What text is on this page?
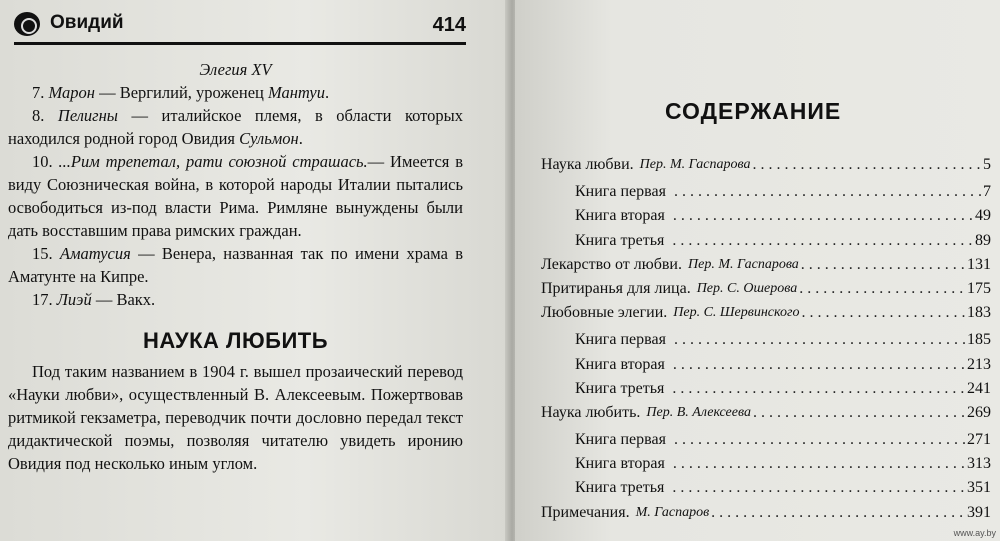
Овидий	414

Элегия XV

7. Марон — Вергилий, уроженец Мантуи.

8. Пелигны — италийское племя, в области которых находился родной город Овидия Сульмон.

10. ...Рим трепетал, рати союзной страшась.— Имеется в виду Союзническая война, в которой народы Италии пытались освободиться из-под власти Рима. Римляне вынуждены были дать восставшим права римских граждан.

15. Аматусия — Венера, названная так по имени храма в Аматунте на Кипре.

17. Лиэй — Вакх.

НАУКА ЛЮБИТЬ

Под таким названием в 1904 г. вышел прозаический перевод «Науки любви», осуществленный В. Алексеевым. Пожертвовав ритмикой гекзаметра, переводчик почти дословно передал текст дидактической поэмы, позволяя читателю увидеть иронию Овидия под несколько иным углом.

СОДЕРЖАНИЕ
Наука любви. Пер. М. Гаспарова . . .	5
Книга первая . . .	7
Книга вторая . . .	49
Книга третья . . .	89
Лекарство от любви. Пер. М. Гаспарова . . .	131
Притиранья для лица. Пер. С. Ошерова . . .	175
Любовные элегии. Пер. С. Шервинского . . .	183
Книга первая . . .	185
Книга вторая . . .	213
Книга третья . . .	241
Наука любить. Пер. В. Алексеева . . .	269
Книга первая . . .	271
Книга вторая . . .	313
Книга третья . . .	351
Примечания. М. Гаспаров . . .	391
www.ay.by
